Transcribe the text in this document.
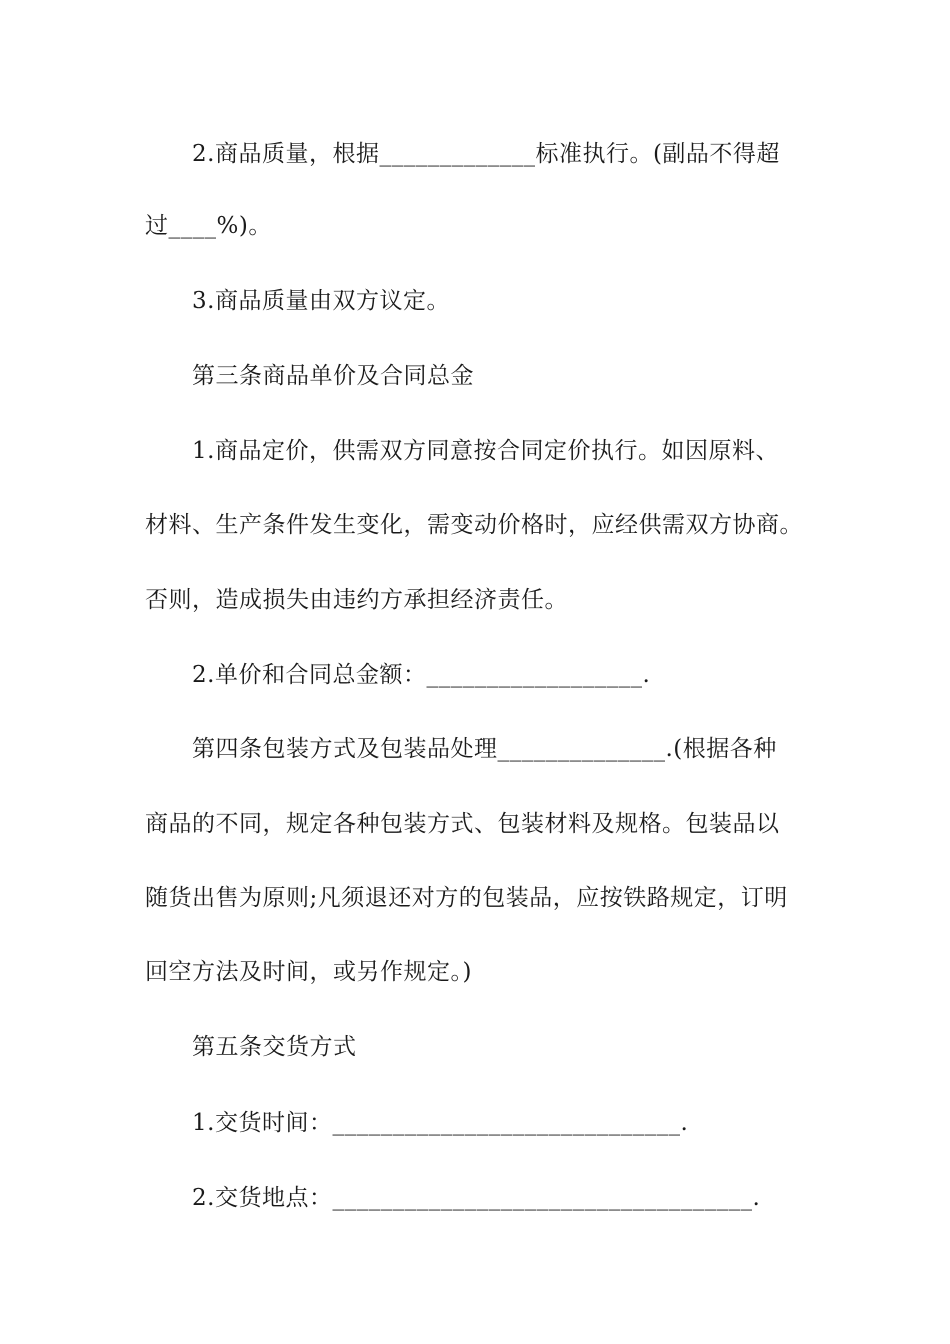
2.商品质量，根据_____________标准执行。(副品不得超
过____%)。
3.商品质量由双方议定。
第三条商品单价及合同总金
1.商品定价，供需双方同意按合同定价执行。如因原料、
材料、生产条件发生变化，需变动价格时，应经供需双方协商。
否则，造成损失由违约方承担经济责任。
2.单价和合同总金额：__________________.
第四条包装方式及包装品处理______________.(根据各种
商品的不同，规定各种包装方式、包装材料及规格。包装品以
随货出售为原则;凡须退还对方的包装品，应按铁路规定，订明
回空方法及时间，或另作规定。)
第五条交货方式
1.交货时间：_____________________________.
2.交货地点：___________________________________.
